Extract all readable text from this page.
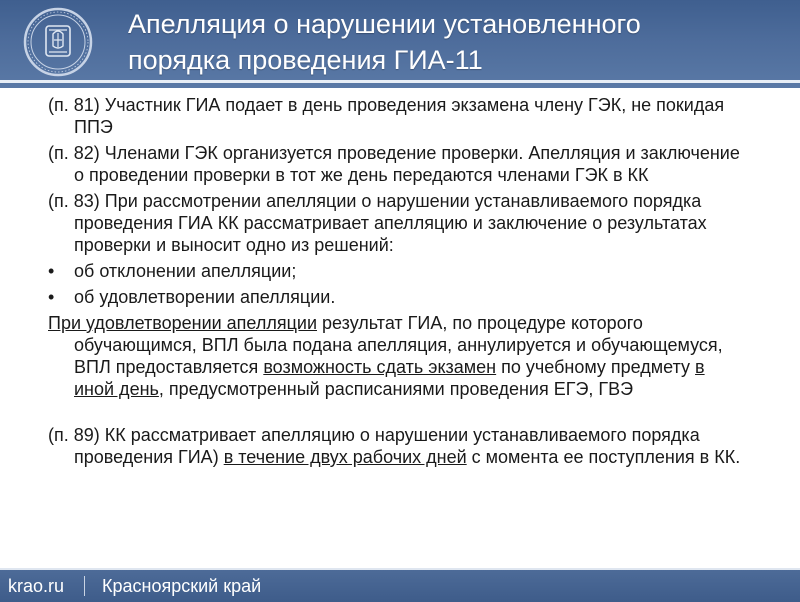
Апелляция о нарушении установленного
порядка проведения ГИА-11

(п. 81) Участник ГИА подает в день проведения экзамена члену ГЭК, не покидая ППЭ

(п. 82) Членами ГЭК организуется проведение проверки. Апелляция и заключение о проведении проверки в тот же день передаются членами ГЭК в КК

(п. 83) При рассмотрении апелляции о нарушении устанавливаемого порядка проведения ГИА КК рассматривает апелляцию и заключение о результатах проверки и выносит одно из решений:

•	об отклонении апелляции;
•	об удовлетворении апелляции.

При удовлетворении апелляции результат ГИА, по процедуре которого обучающимся, ВПЛ была подана апелляция, аннулируется и обучающемуся, ВПЛ предоставляется возможность сдать экзамен по учебному предмету в иной день, предусмотренный расписаниями проведения ЕГЭ, ГВЭ

(п. 89) КК рассматривает апелляцию о нарушении устанавливаемого порядка проведения ГИА) в течение двух рабочих дней с момента ее поступления в КК.

krao.ru Красноярский край
